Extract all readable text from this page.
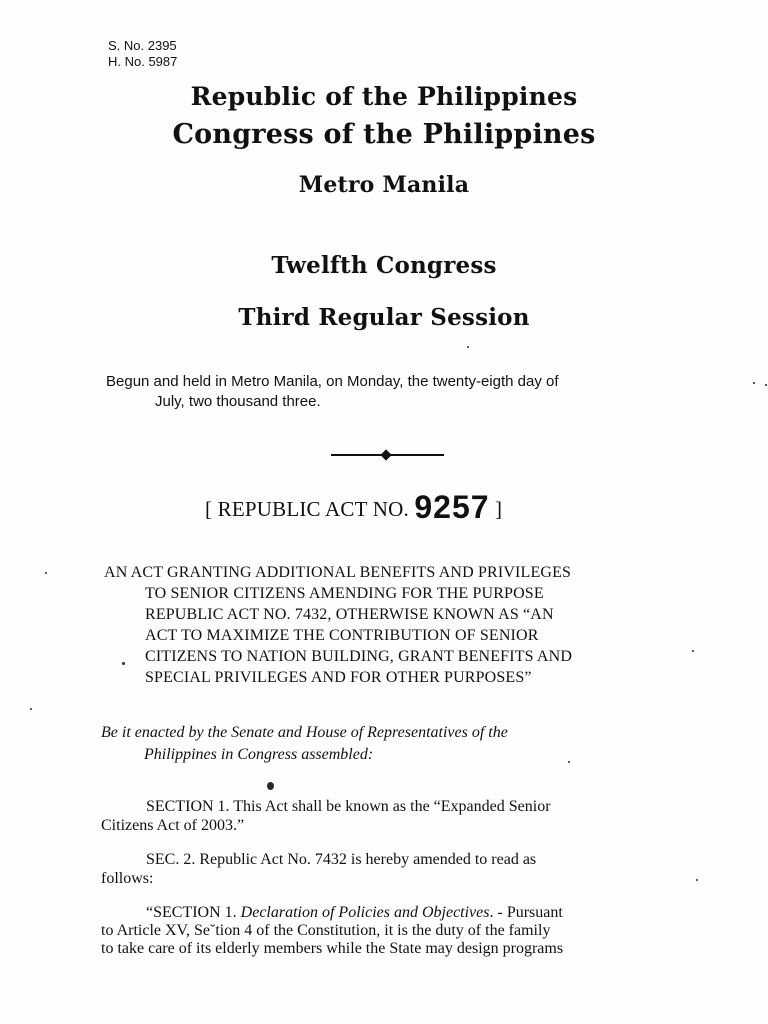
S. No. 2395
H. No. 5987
Republic of the Philippines
Congress of the Philippines
Metro Manila
Twelfth Congress
Third Regular Session
Begun and held in Metro Manila, on Monday, the twenty-eigth day of
July, two thousand three.
[ REPUBLIC ACT NO. 9257 ]
AN ACT GRANTING ADDITIONAL BENEFITS AND PRIVILEGES
TO SENIOR CITIZENS AMENDING FOR THE PURPOSE
REPUBLIC ACT NO. 7432, OTHERWISE KNOWN AS “AN
ACT TO MAXIMIZE THE CONTRIBUTION OF SENIOR
CITIZENS TO NATION BUILDING, GRANT BENEFITS AND
SPECIAL PRIVILEGES AND FOR OTHER PURPOSES”
Be it enacted by the Senate and House of Representatives of the
Philippines in Congress assembled:
SECTION 1. This Act shall be known as the “Expanded Senior
Citizens Act of 2003.”
SEC. 2. Republic Act No. 7432 is hereby amended to read as
follows:
“SECTION 1. Declaration of Policies and Objectives. - Pursuant
to Article XV, Se˘tion 4 of the Constitution, it is the duty of the family
to take care of its elderly members while the State may design programs
